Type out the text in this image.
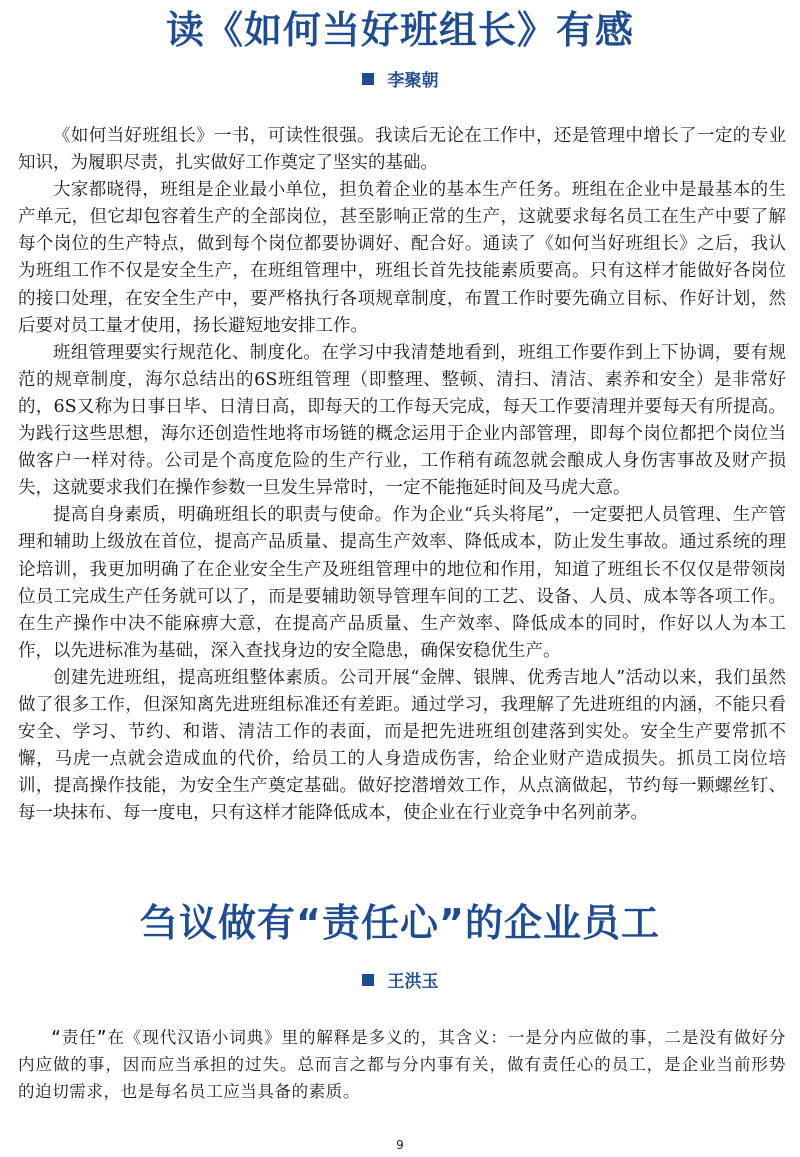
读《如何当好班组长》有感
李聚朝

《如何当好班组长》一书，可读性很强。我读后无论在工作中，还是管理中增长了一定的专业知识，为履职尽责，扎实做好工作奠定了坚实的基础。

大家都晓得，班组是企业最小单位，担负着企业的基本生产任务。班组在企业中是最基本的生产单元，但它却包容着生产的全部岗位，甚至影响正常的生产，这就要求每名员工在生产中要了解每个岗位的生产特点，做到每个岗位都要协调好、配合好。通读了《如何当好班组长》之后，我认为班组工作不仅是安全生产，在班组管理中，班组长首先技能素质要高。只有这样才能做好各岗位的接口处理，在安全生产中，要严格执行各项规章制度，布置工作时要先确立目标、作好计划，然后要对员工量才使用，扬长避短地安排工作。

班组管理要实行规范化、制度化。在学习中我清楚地看到，班组工作要作到上下协调，要有规范的规章制度，海尔总结出的6S班组管理（即整理、整顿、清扫、清洁、素养和安全）是非常好的，6S又称为日事日毕、日清日高，即每天的工作每天完成，每天工作要清理并要每天有所提高。为践行这些思想，海尔还创造性地将市场链的概念运用于企业内部管理，即每个岗位都把个岗位当做客户一样对待。公司是个高度危险的生产行业，工作稍有疏忽就会酿成人身伤害事故及财产损失，这就要求我们在操作参数一旦发生异常时，一定不能拖延时间及马虎大意。

提高自身素质，明确班组长的职责与使命。作为企业“兵头将尾”，一定要把人员管理、生产管理和辅助上级放在首位，提高产品质量、提高生产效率、降低成本，防止发生事故。通过系统的理论培训，我更加明确了在企业安全生产及班组管理中的地位和作用，知道了班组长不仅仅是带领岗位员工完成生产任务就可以了，而是要辅助领导管理车间的工艺、设备、人员、成本等各项工作。在生产操作中决不能麻痹大意，在提高产品质量、生产效率、降低成本的同时，作好以人为本工作，以先进标准为基础，深入查找身边的安全隐患，确保安稳优生产。

创建先进班组，提高班组整体素质。公司开展“金牌、银牌、优秀吉地人”活动以来，我们虽然做了很多工作，但深知离先进班组标准还有差距。通过学习，我理解了先进班组的内涵，不能只看安全、学习、节约、和谐、清洁工作的表面，而是把先进班组创建落到实处。安全生产要常抓不懈，马虎一点就会造成血的代价，给员工的人身造成伤害，给企业财产造成损失。抓员工岗位培训，提高操作技能，为安全生产奠定基础。做好挖潜增效工作，从点滴做起，节约每一颗螺丝钉、每一块抹布、每一度电，只有这样才能降低成本，使企业在行业竞争中名列前茅。

刍议做有“责任心”的企业员工
王洪玉

“责任”在《现代汉语小词典》里的解释是多义的，其含义：一是分内应做的事，二是没有做好分内应做的事，因而应当承担的过失。总而言之都与分内事有关，做有责任心的员工，是企业当前形势的迫切需求，也是每名员工应当具备的素质。

9
